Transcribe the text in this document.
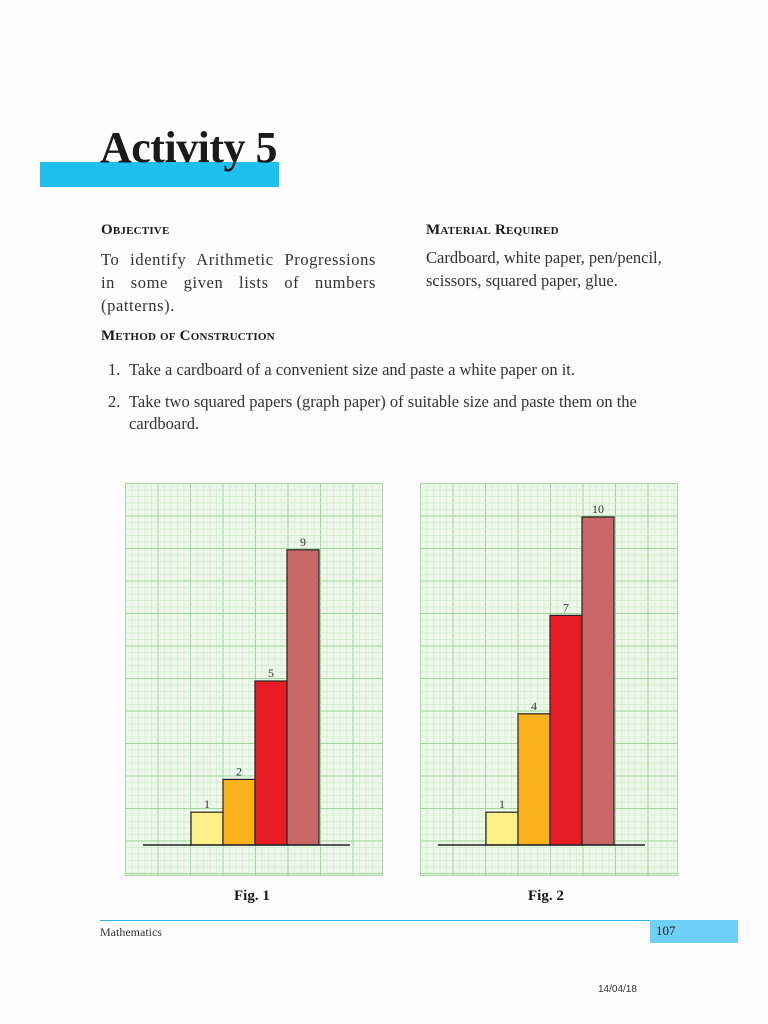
Activity 5
Objective
To identify Arithmetic Progressions in some given lists of numbers (patterns).
Material Required
Cardboard, white paper, pen/pencil, scissors, squared paper, glue.
Method of Construction
1. Take a cardboard of a convenient size and paste a white paper on it.
2. Take two squared papers (graph paper) of suitable size and paste them on the cardboard.
1
2
5
9
1
4
7
10
Fig. 1	Fig. 2
Mathematics	107
14/04/18
